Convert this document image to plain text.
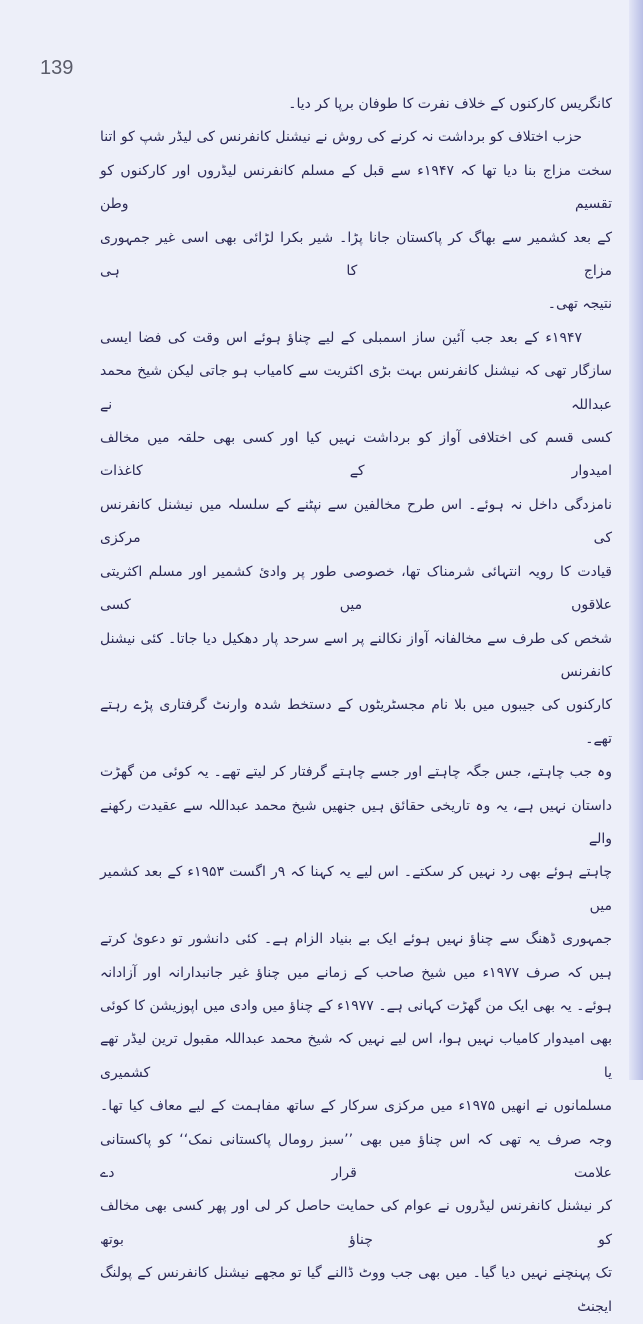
139
کانگریس کارکنوں کے خلاف نفرت کا طوفان برپا کر دیا۔
حزب اختلاف کو برداشت نہ کرنے کی روش نے نیشنل کانفرنس کی لیڈر شپ کو اتنا
سخت مزاج بنا دیا تھا کہ ۱۹۴۷ء سے قبل کے مسلم کانفرنس لیڈروں اور کارکنوں کو تقسیم وطن
کے بعد کشمیر سے بھاگ کر پاکستان جانا پڑا۔ شیر بکرا لڑائی بھی اسی غیر جمہوری مزاج کا ہی
نتیجہ تھی۔
۱۹۴۷ء کے بعد جب آئین ساز اسمبلی کے لیے چناؤ ہوئے اس وقت کی فضا ایسی
سازگار تھی کہ نیشنل کانفرنس بہت بڑی اکثریت سے کامیاب ہو جاتی لیکن شیخ محمد عبداللہ نے
کسی قسم کی اختلافی آواز کو برداشت نہیں کیا اور کسی بھی حلقہ میں مخالف امیدوار کے کاغذات
نامزدگی داخل نہ ہوئے۔ اس طرح مخالفین سے نپٹنے کے سلسلہ میں نیشنل کانفرنس کی مرکزی
قیادت کا رویہ انتہائی شرمناک تھا، خصوصی طور پر وادئ کشمیر اور مسلم اکثریتی علاقوں میں کسی
شخص کی طرف سے مخالفانہ آواز نکالنے پر اسے سرحد پار دھکیل دیا جاتا۔ کئی نیشنل کانفرنس
کارکنوں کی جیبوں میں بلا نام مجسٹریٹوں کے دستخط شدہ وارنٹ گرفتاری پڑے رہتے تھے۔
وہ جب چاہتے، جس جگہ چاہتے اور جسے چاہتے گرفتار کر لیتے تھے۔ یہ کوئی من گھڑت
داستان نہیں ہے، یہ وہ تاریخی حقائق ہیں جنھیں شیخ محمد عبداللہ سے عقیدت رکھنے والے
چاہتے ہوئے بھی رد نہیں کر سکتے۔ اس لیے یہ کہنا کہ ۹ر اگست ۱۹۵۳ء کے بعد کشمیر میں
جمہوری ڈھنگ سے چناؤ نہیں ہوئے ایک بے بنیاد الزام ہے۔ کئی دانشور تو دعویٰ کرتے
ہیں کہ صرف ۱۹۷۷ء میں شیخ صاحب کے زمانے میں چناؤ غیر جانبدارانہ اور آزادانہ
ہوئے۔ یہ بھی ایک من گھڑت کہانی ہے۔ ۱۹۷۷ء کے چناؤ میں وادی میں اپوزیشن کا کوئی
بھی امیدوار کامیاب نہیں ہوا، اس لیے نہیں کہ شیخ محمد عبداللہ مقبول ترین لیڈر تھے یا کشمیری
مسلمانوں نے انھیں ۱۹۷۵ء میں مرکزی سرکار کے ساتھ مفاہمت کے لیے معاف کیا تھا۔
وجہ صرف یہ تھی کہ اس چناؤ میں بھی ’’سبز رومال پاکستانی نمک‘‘ کو پاکستانی علامت قرار دے
کر نیشنل کانفرنس لیڈروں نے عوام کی حمایت حاصل کر لی اور پھر کسی بھی مخالف کو چناؤ بوتھ
تک پہنچنے نہیں دیا گیا۔ میں بھی جب ووٹ ڈالنے گیا تو مجھے نیشنل کانفرنس کے پولنگ ایجنٹ
